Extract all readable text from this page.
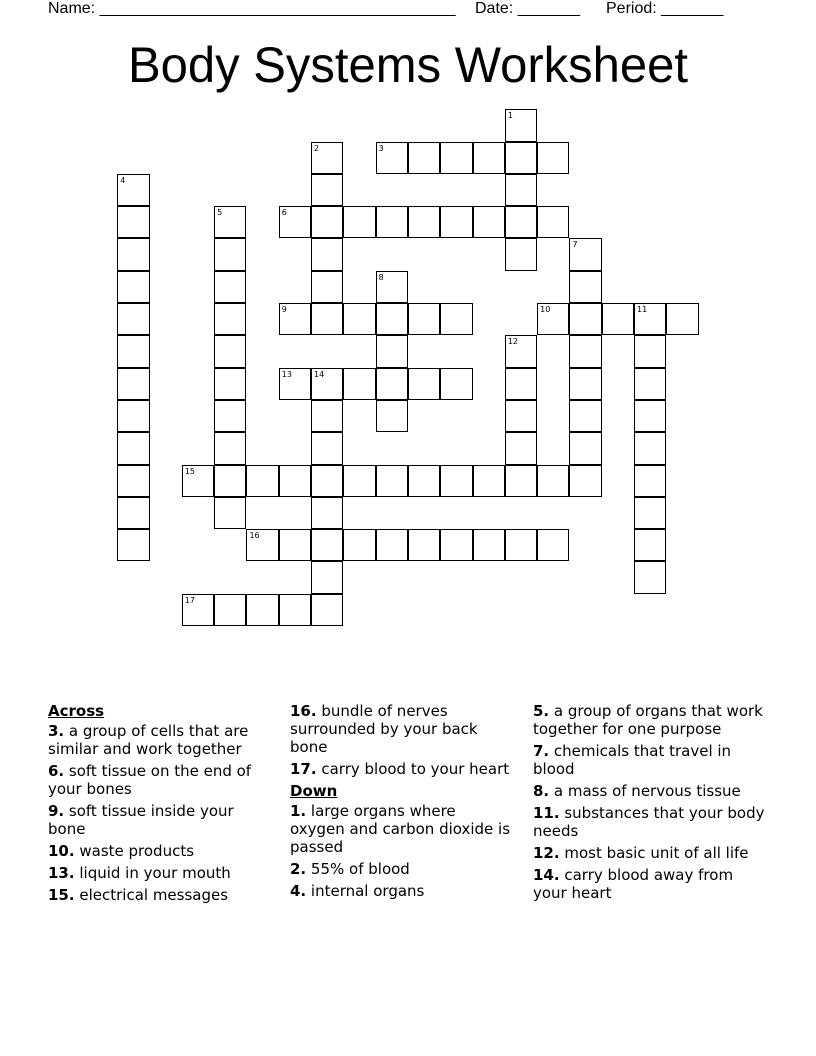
Name: ________________________________________ Date: _______ Period: _______
Body Systems Worksheet
1
2	3
4
5	6
7
8
9	10	11
12
13	14
15
16
17
Across
3. a group of cells that are similar and work together
6. soft tissue on the end of your bones
9. soft tissue inside your bone
10. waste products
13. liquid in your mouth
15. electrical messages
16. bundle of nerves surrounded by your back bone
17. carry blood to your heart
Down
1. large organs where oxygen and carbon dioxide is passed
2. 55% of blood
4. internal organs
5. a group of organs that work together for one purpose
7. chemicals that travel in blood
8. a mass of nervous tissue
11. substances that your body needs
12. most basic unit of all life
14. carry blood away from your heart
